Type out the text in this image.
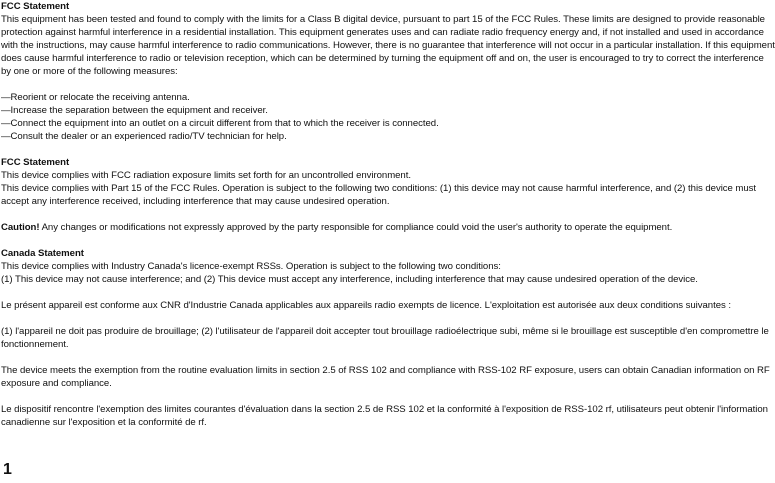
FCC Statement

This equipment has been tested and found to comply with the limits for a Class B digital device, pursuant to part 15 of the FCC Rules. These limits are designed to provide reasonable protection against harmful interference in a residential installation. This equipment generates uses and can radiate radio frequency energy and, if not installed and used in accordance with the instructions, may cause harmful interference to radio communications. However, there is no guarantee that interference will not occur in a particular installation. If this equipment does cause harmful interference to radio or television reception, which can be determined by turning the equipment off and on, the user is encouraged to try to correct the interference by one or more of the following measures:

—Reorient or relocate the receiving antenna.

—Increase the separation between the equipment and receiver.

—Connect the equipment into an outlet on a circuit different from that to which the receiver is connected.

—Consult the dealer or an experienced radio/TV technician for help.

FCC Statement

This device complies with FCC radiation exposure limits set forth for an uncontrolled environment.

This device complies with Part 15 of the FCC Rules. Operation is subject to the following two conditions: (1) this device may not cause harmful interference, and (2) this device must accept any interference received, including interference that may cause undesired operation.

Caution! Any changes or modifications not expressly approved by the party responsible for compliance could void the user's authority to operate the equipment.

Canada Statement

This device complies with Industry Canada's licence-exempt RSSs. Operation is subject to the following two conditions:

(1) This device may not cause interference; and (2) This device must accept any interference, including interference that may cause undesired operation of the device.

Le présent appareil est conforme aux CNR d'Industrie Canada applicables aux appareils radio exempts de licence. L'exploitation est autorisée aux deux conditions suivantes :

(1) l'appareil ne doit pas produire de brouillage; (2) l'utilisateur de l'appareil doit accepter tout brouillage radioélectrique subi, même si le brouillage est susceptible d'en compromettre le fonctionnement.

The device meets the exemption from the routine evaluation limits in section 2.5 of RSS 102 and compliance with RSS-102 RF exposure, users can obtain Canadian information on RF exposure and compliance.

Le dispositif rencontre l'exemption des limites courantes d'évaluation dans la section 2.5 de RSS 102 et la conformité à l'exposition de RSS-102 rf, utilisateurs peut obtenir l'information canadienne sur l'exposition et la conformité de rf.

1
